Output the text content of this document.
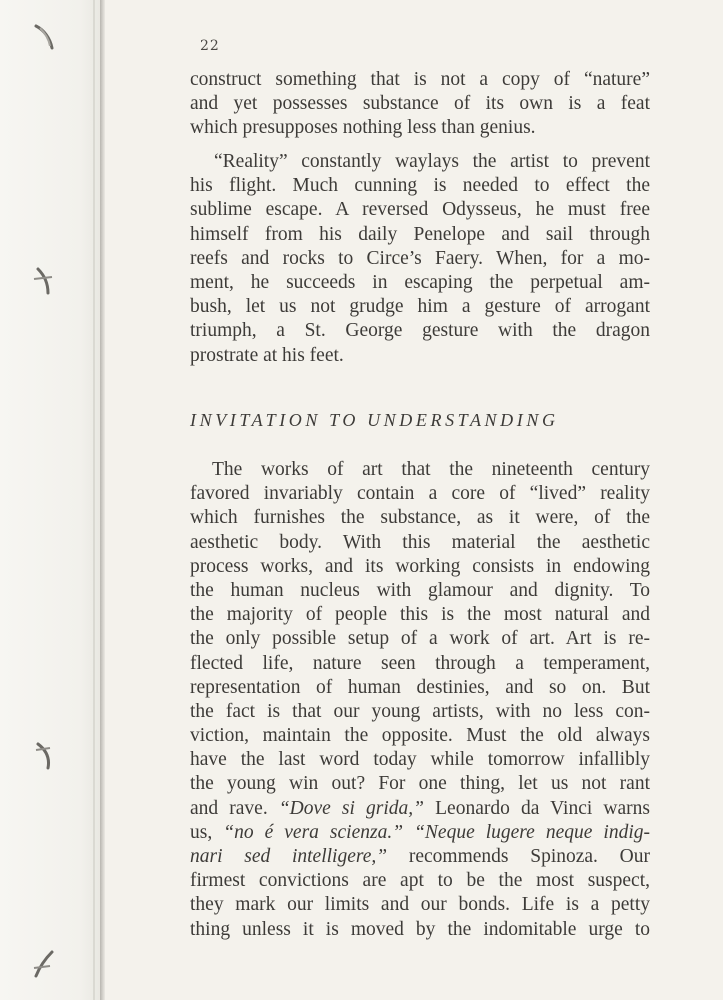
22
construct something that is not a copy of “nature”
and yet possesses substance of its own is a feat
which presupposes nothing less than genius.
“Reality” constantly waylays the artist to prevent
his flight. Much cunning is needed to effect the
sublime escape. A reversed Odysseus, he must free
himself from his daily Penelope and sail through
reefs and rocks to Circe’s Faery. When, for a mo-
ment, he succeeds in escaping the perpetual am-
bush, let us not grudge him a gesture of arrogant
triumph, a St. George gesture with the dragon
prostrate at his feet.
INVITATION TO UNDERSTANDING
The works of art that the nineteenth century
favored invariably contain a core of “lived” reality
which furnishes the substance, as it were, of the
aesthetic body. With this material the aesthetic
process works, and its working consists in endowing
the human nucleus with glamour and dignity. To
the majority of people this is the most natural and
the only possible setup of a work of art. Art is re-
flected life, nature seen through a temperament,
representation of human destinies, and so on. But
the fact is that our young artists, with no less con-
viction, maintain the opposite. Must the old always
have the last word today while tomorrow infallibly
the young win out? For one thing, let us not rant
and rave. “Dove si grida,” Leonardo da Vinci warns
us, “no é vera scienza.” “Neque lugere neque indig-
nari sed intelligere,” recommends Spinoza. Our
firmest convictions are apt to be the most suspect,
they mark our limits and our bonds. Life is a petty
thing unless it is moved by the indomitable urge to
